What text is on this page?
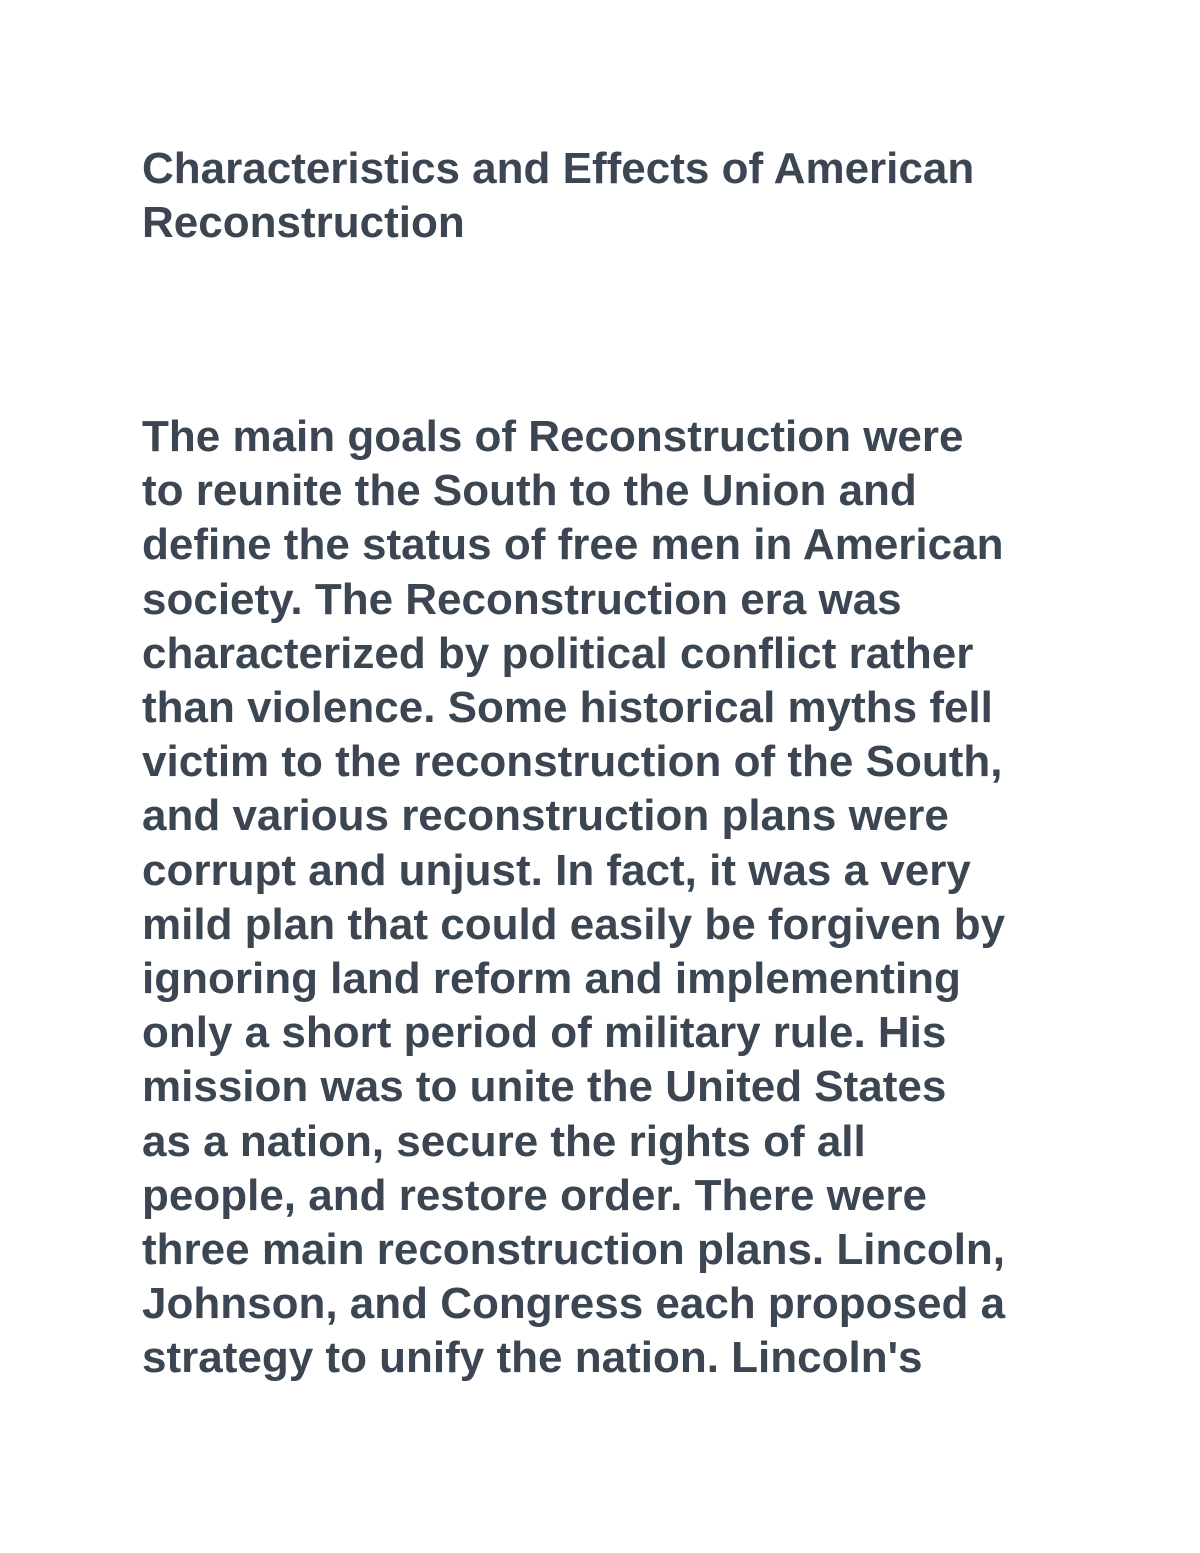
Characteristics and Effects of American
Reconstruction
The main goals of Reconstruction were
to reunite the South to the Union and
define the status of free men in American
society. The Reconstruction era was
characterized by political conflict rather
than violence. Some historical myths fell
victim to the reconstruction of the South,
and various reconstruction plans were
corrupt and unjust. In fact, it was a very
mild plan that could easily be forgiven by
ignoring land reform and implementing
only a short period of military rule. His
mission was to unite the United States
as a nation, secure the rights of all
people, and restore order. There were
three main reconstruction plans. Lincoln,
Johnson, and Congress each proposed a
strategy to unify the nation. Lincoln's
